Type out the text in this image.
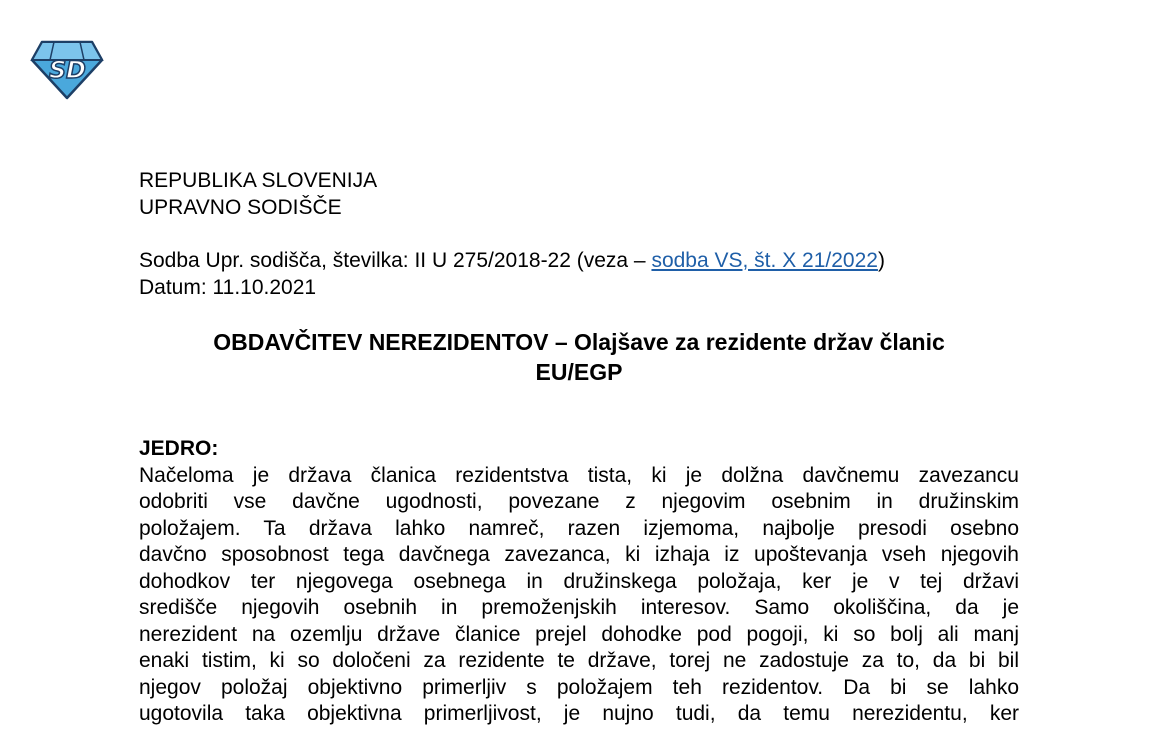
S D
REPUBLIKA SLOVENIJA
UPRAVNO SODIŠČE
Sodba Upr. sodišča, številka: II U 275/2018-22 (veza – sodba VS, št. X 21/2022)
Datum: 11.10.2021
OBDAVČITEV NEREZIDENTOV – Olajšave za rezidente držav članic
EU/EGP
JEDRO:

Načeloma je država članica rezidentstva tista, ki je dolžna davčnemu zavezancu

odobriti vse davčne ugodnosti, povezane z njegovim osebnim in družinskim

položajem. Ta država lahko namreč, razen izjemoma, najbolje presodi osebno

davčno sposobnost tega davčnega zavezanca, ki izhaja iz upoštevanja vseh njegovih

dohodkov ter njegovega osebnega in družinskega položaja, ker je v tej državi

središče njegovih osebnih in premoženjskih interesov. Samo okoliščina, da je

nerezident na ozemlju države članice prejel dohodke pod pogoji, ki so bolj ali manj

enaki tistim, ki so določeni za rezidente te države, torej ne zadostuje za to, da bi bil

njegov položaj objektivno primerljiv s položajem teh rezidentov. Da bi se lahko

ugotovila taka objektivna primerljivost, je nujno tudi, da temu nerezidentu, ker
